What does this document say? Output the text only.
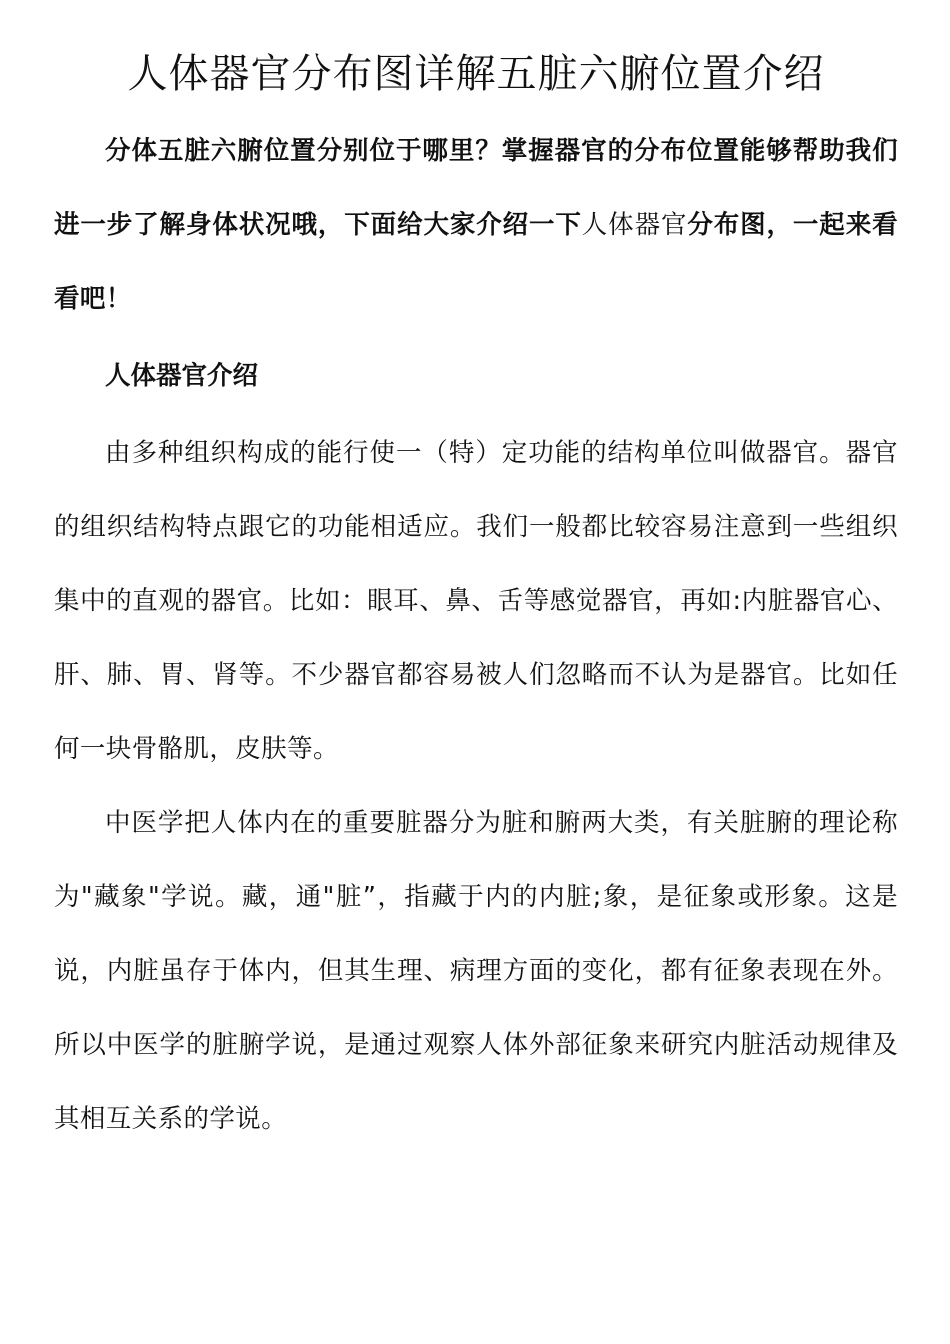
人体器官分布图详解五脏六腑位置介绍

分体五脏六腑位置分别位于哪里？掌握器官的分布位置能够帮助我们进一步了解身体状况哦，下面给大家介绍一下人体器官分布图，一起来看看吧！

人体器官介绍

由多种组织构成的能行使一（特）定功能的结构单位叫做器官。器官的组织结构特点跟它的功能相适应。我们一般都比较容易注意到一些组织集中的直观的器官。比如：眼耳、鼻、舌等感觉器官，再如:内脏器官心、肝、肺、胃、肾等。不少器官都容易被人们忽略而不认为是器官。比如任何一块骨骼肌，皮肤等。

中医学把人体内在的重要脏器分为脏和腑两大类，有关脏腑的理论称为"藏象"学说。藏，通"脏”，指藏于内的内脏;象，是征象或形象。这是说，内脏虽存于体内，但其生理、病理方面的变化，都有征象表现在外。所以中医学的脏腑学说，是通过观察人体外部征象来研究内脏活动规律及其相互关系的学说。
